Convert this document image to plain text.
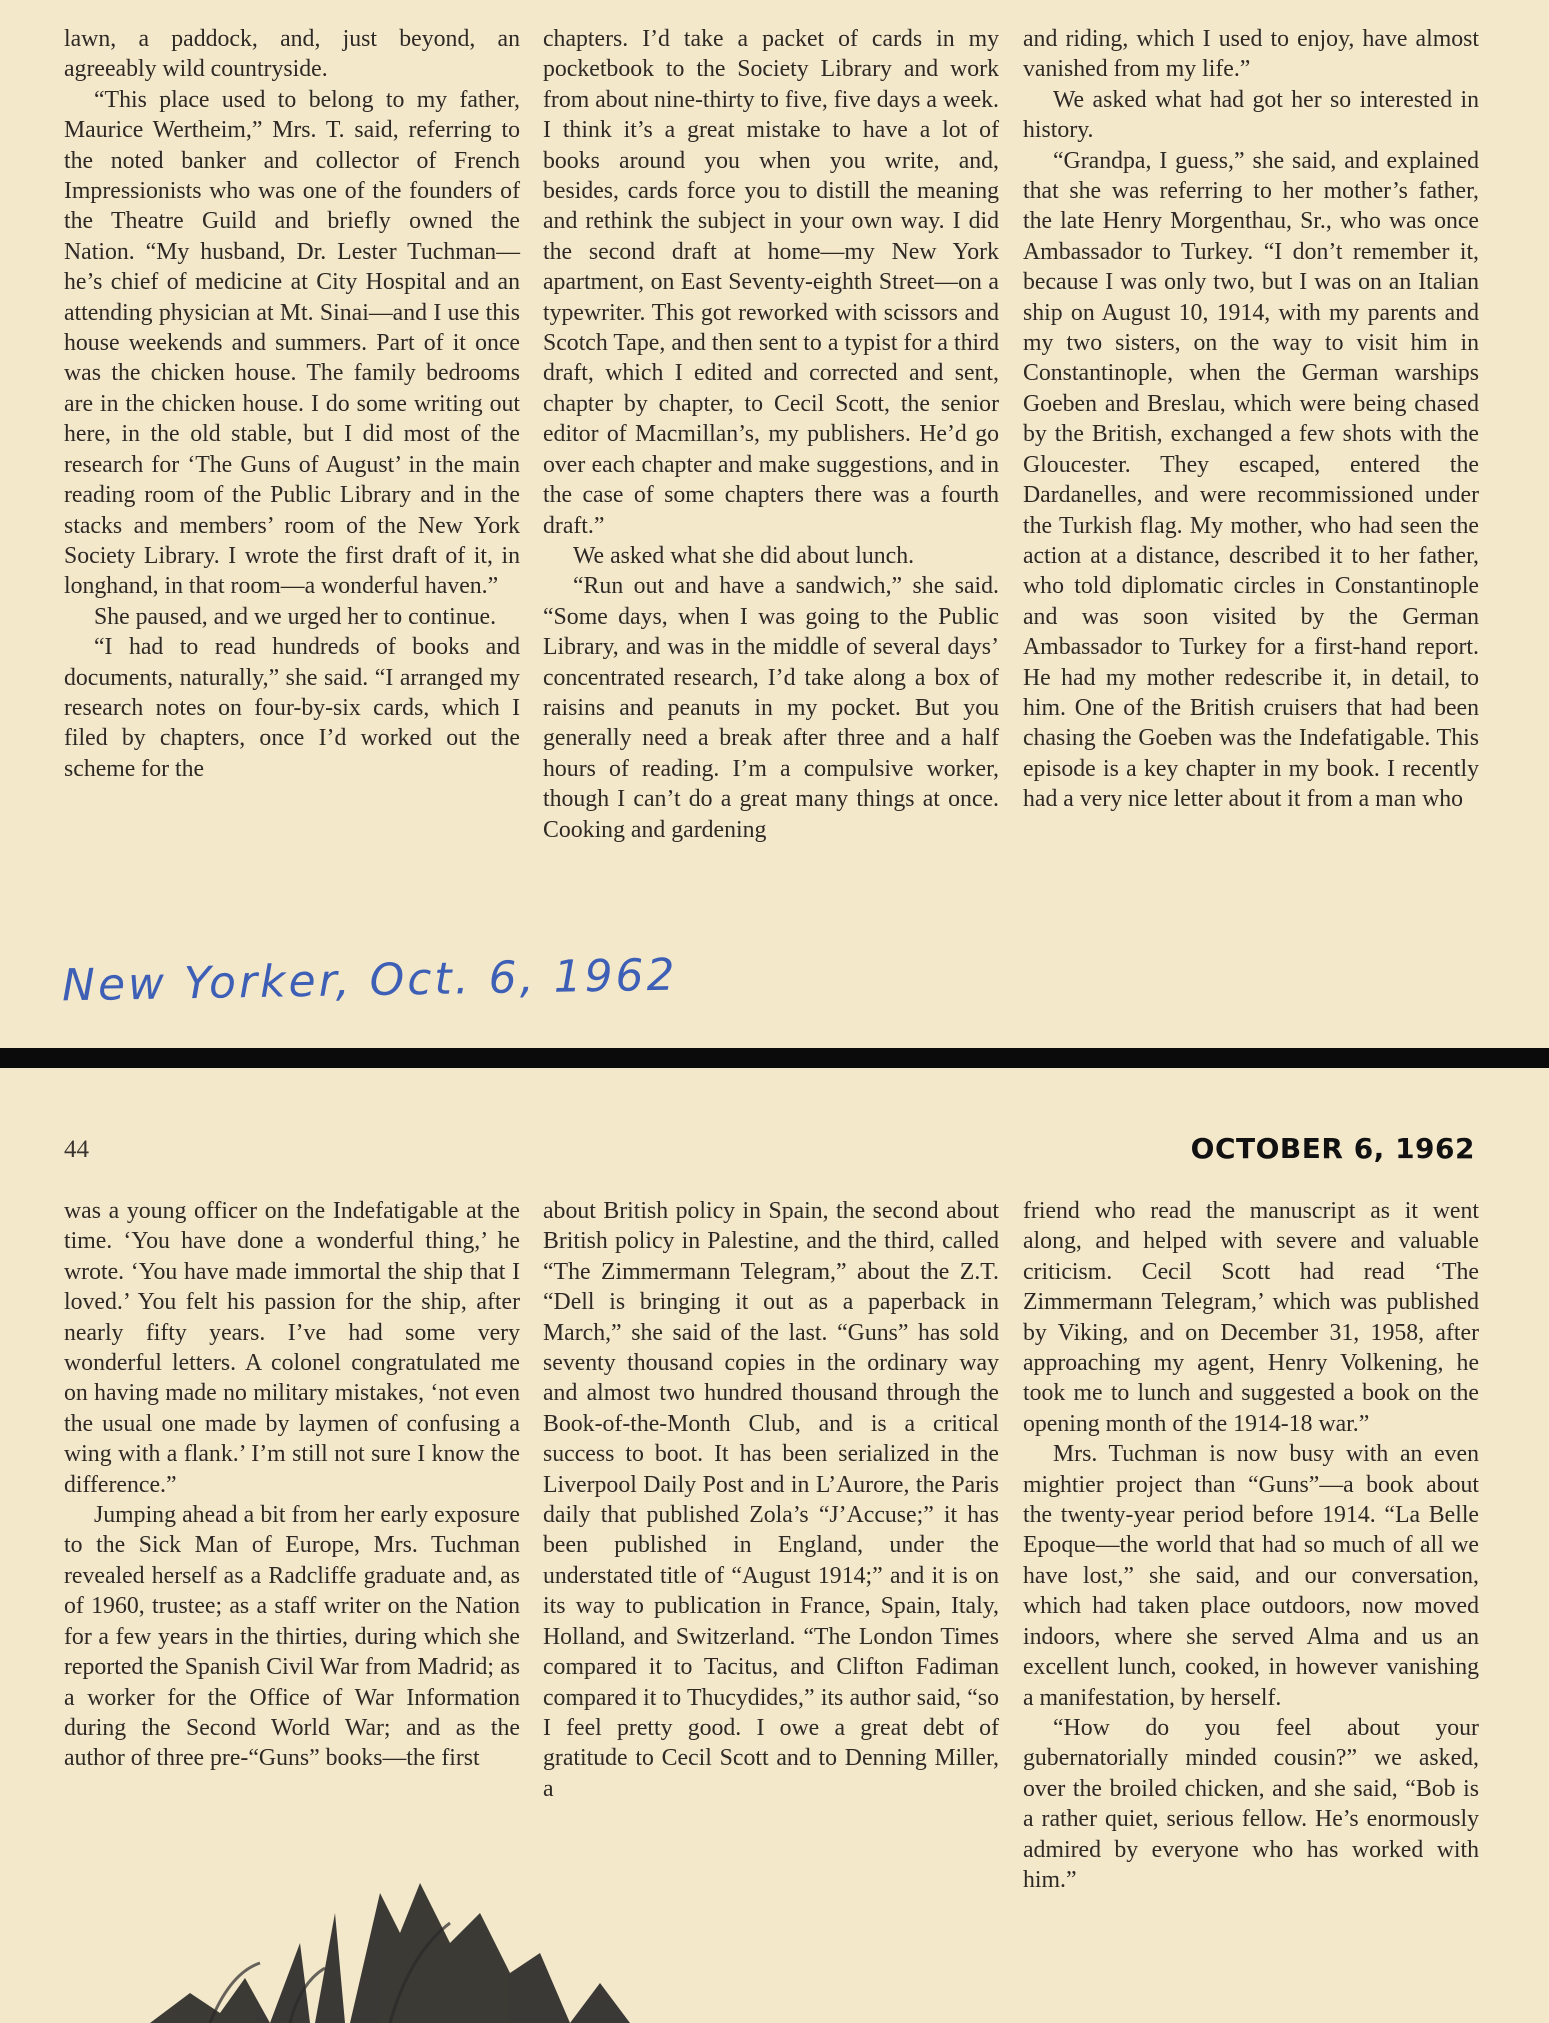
lawn, a paddock, and, just beyond, an agreeably wild countryside.

“This place used to belong to my father, Maurice Wertheim,” Mrs. T. said, referring to the noted banker and collector of French Impressionists who was one of the founders of the Theatre Guild and briefly owned the Nation. “My husband, Dr. Lester Tuchman—he’s chief of medicine at City Hospital and an attending physician at Mt. Sinai—and I use this house weekends and summers. Part of it once was the chicken house. The family bedrooms are in the chicken house. I do some writing out here, in the old stable, but I did most of the research for ‘The Guns of August’ in the main reading room of the Public Library and in the stacks and members’ room of the New York Society Library. I wrote the first draft of it, in longhand, in that room—a wonderful haven.”

She paused, and we urged her to continue.

“I had to read hundreds of books and documents, naturally,” she said. “I arranged my research notes on four-by-six cards, which I filed by chapters, once I’d worked out the scheme for the

chapters. I’d take a packet of cards in my pocketbook to the Society Library and work from about nine-thirty to five, five days a week. I think it’s a great mistake to have a lot of books around you when you write, and, besides, cards force you to distill the meaning and rethink the subject in your own way. I did the second draft at home—my New York apartment, on East Seventy-eighth Street—on a typewriter. This got reworked with scissors and Scotch Tape, and then sent to a typist for a third draft, which I edited and corrected and sent, chapter by chapter, to Cecil Scott, the senior editor of Macmillan’s, my publishers. He’d go over each chapter and make suggestions, and in the case of some chapters there was a fourth draft.”

We asked what she did about lunch.

“Run out and have a sandwich,” she said. “Some days, when I was going to the Public Library, and was in the middle of several days’ concentrated research, I’d take along a box of raisins and peanuts in my pocket. But you generally need a break after three and a half hours of reading. I’m a compulsive worker, though I can’t do a great many things at once. Cooking and gardening

and riding, which I used to enjoy, have almost vanished from my life.”

We asked what had got her so interested in history.

“Grandpa, I guess,” she said, and explained that she was referring to her mother’s father, the late Henry Morgenthau, Sr., who was once Ambassador to Turkey. “I don’t remember it, because I was only two, but I was on an Italian ship on August 10, 1914, with my parents and my two sisters, on the way to visit him in Constantinople, when the German warships Goeben and Breslau, which were being chased by the British, exchanged a few shots with the Gloucester. They escaped, entered the Dardanelles, and were recommissioned under the Turkish flag. My mother, who had seen the action at a distance, described it to her father, who told diplomatic circles in Constantinople and was soon visited by the German Ambassador to Turkey for a first-hand report. He had my mother redescribe it, in detail, to him. One of the British cruisers that had been chasing the Goeben was the Indefatigable. This episode is a key chapter in my book. I recently had a very nice letter about it from a man who

New Yorker, Oct. 6, 1962
44	OCTOBER 6, 1962

was a young officer on the Indefatigable at the time. ‘You have done a wonderful thing,’ he wrote. ‘You have made immortal the ship that I loved.’ You felt his passion for the ship, after nearly fifty years. I’ve had some very wonderful letters. A colonel congratulated me on having made no military mistakes, ‘not even the usual one made by laymen of confusing a wing with a flank.’ I’m still not sure I know the difference.”

Jumping ahead a bit from her early exposure to the Sick Man of Europe, Mrs. Tuchman revealed herself as a Radcliffe graduate and, as of 1960, trustee; as a staff writer on the Nation for a few years in the thirties, during which she reported the Spanish Civil War from Madrid; as a worker for the Office of War Information during the Second World War; and as the author of three pre-“Guns” books—the first

about British policy in Spain, the second about British policy in Palestine, and the third, called “The Zimmermann Telegram,” about the Z.T. “Dell is bringing it out as a paperback in March,” she said of the last. “Guns” has sold seventy thousand copies in the ordinary way and almost two hundred thousand through the Book-of-the-Month Club, and is a critical success to boot. It has been serialized in the Liverpool Daily Post and in L’Aurore, the Paris daily that published Zola’s “J’Accuse;” it has been published in England, under the understated title of “August 1914;” and it is on its way to publication in France, Spain, Italy, Holland, and Switzerland. “The London Times compared it to Tacitus, and Clifton Fadiman compared it to Thucydides,” its author said, “so I feel pretty good. I owe a great debt of gratitude to Cecil Scott and to Denning Miller, a

friend who read the manuscript as it went along, and helped with severe and valuable criticism. Cecil Scott had read ‘The Zimmermann Telegram,’ which was published by Viking, and on December 31, 1958, after approaching my agent, Henry Volkening, he took me to lunch and suggested a book on the opening month of the 1914-18 war.”

Mrs. Tuchman is now busy with an even mightier project than “Guns”—a book about the twenty-year period before 1914. “La Belle Epoque—the world that had so much of all we have lost,” she said, and our conversation, which had taken place outdoors, now moved indoors, where she served Alma and us an excellent lunch, cooked, in however vanishing a manifestation, by herself.

“How do you feel about your gubernatorially minded cousin?” we asked, over the broiled chicken, and she said, “Bob is a rather quiet, serious fellow. He’s enormously admired by everyone who has worked with him.”
